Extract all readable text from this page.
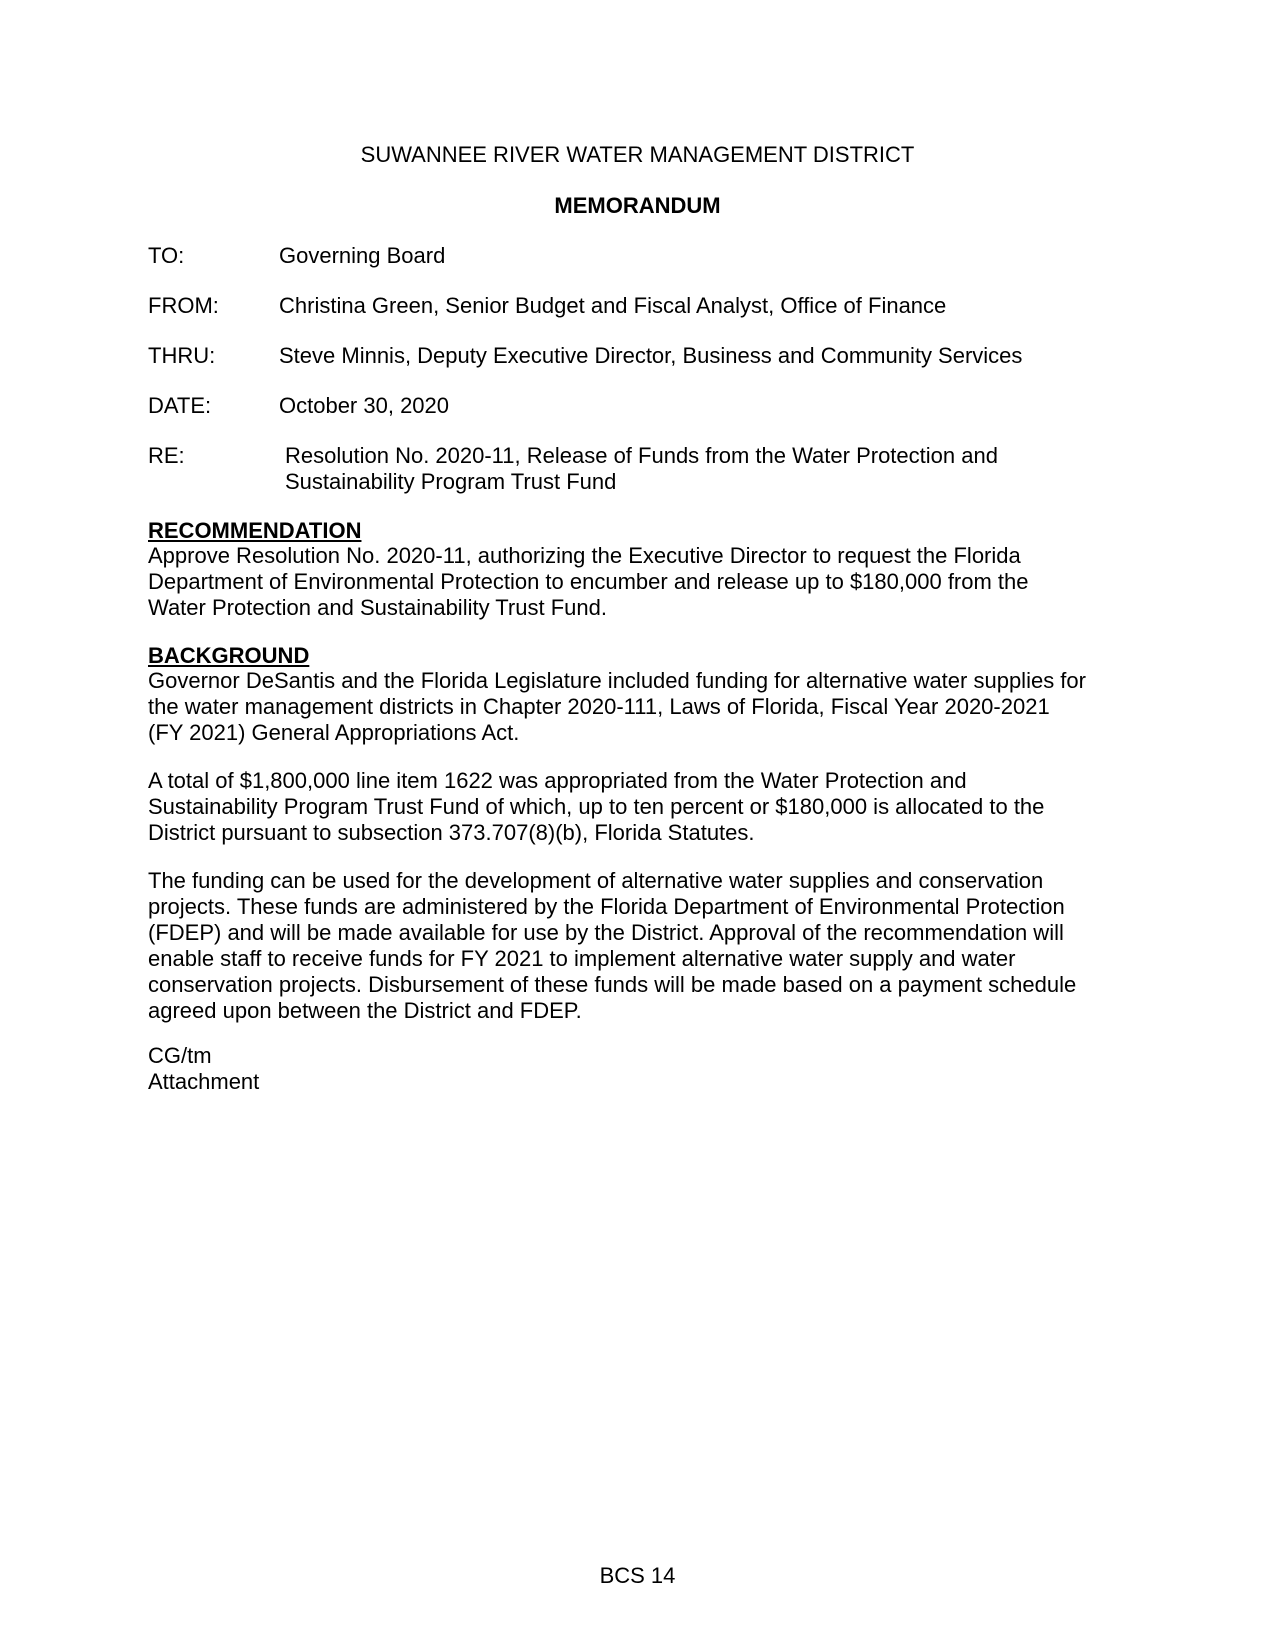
SUWANNEE RIVER WATER MANAGEMENT DISTRICT
MEMORANDUM
TO:	Governing Board
FROM:	Christina Green, Senior Budget and Fiscal Analyst, Office of Finance
THRU:	Steve Minnis, Deputy Executive Director, Business and Community Services
DATE:	October 30, 2020
RE:	Resolution No. 2020-11, Release of Funds from the Water Protection and
Sustainability Program Trust Fund
RECOMMENDATION

Approve Resolution No. 2020-11, authorizing the Executive Director to request the Florida

Department of Environmental Protection to encumber and release up to $180,000 from the

Water Protection and Sustainability Trust Fund.

BACKGROUND

Governor DeSantis and the Florida Legislature included funding for alternative water supplies for

the water management districts in Chapter 2020-111, Laws of Florida, Fiscal Year 2020-2021

(FY 2021) General Appropriations Act.

A total of $1,800,000 line item 1622 was appropriated from the Water Protection and

Sustainability Program Trust Fund of which, up to ten percent or $180,000 is allocated to the

District pursuant to subsection 373.707(8)(b), Florida Statutes.

The funding can be used for the development of alternative water supplies and conservation

projects. These funds are administered by the Florida Department of Environmental Protection

(FDEP) and will be made available for use by the District. Approval of the recommendation will

enable staff to receive funds for FY 2021 to implement alternative water supply and water

conservation projects. Disbursement of these funds will be made based on a payment schedule

agreed upon between the District and FDEP.

CG/tm

Attachment

BCS 14
